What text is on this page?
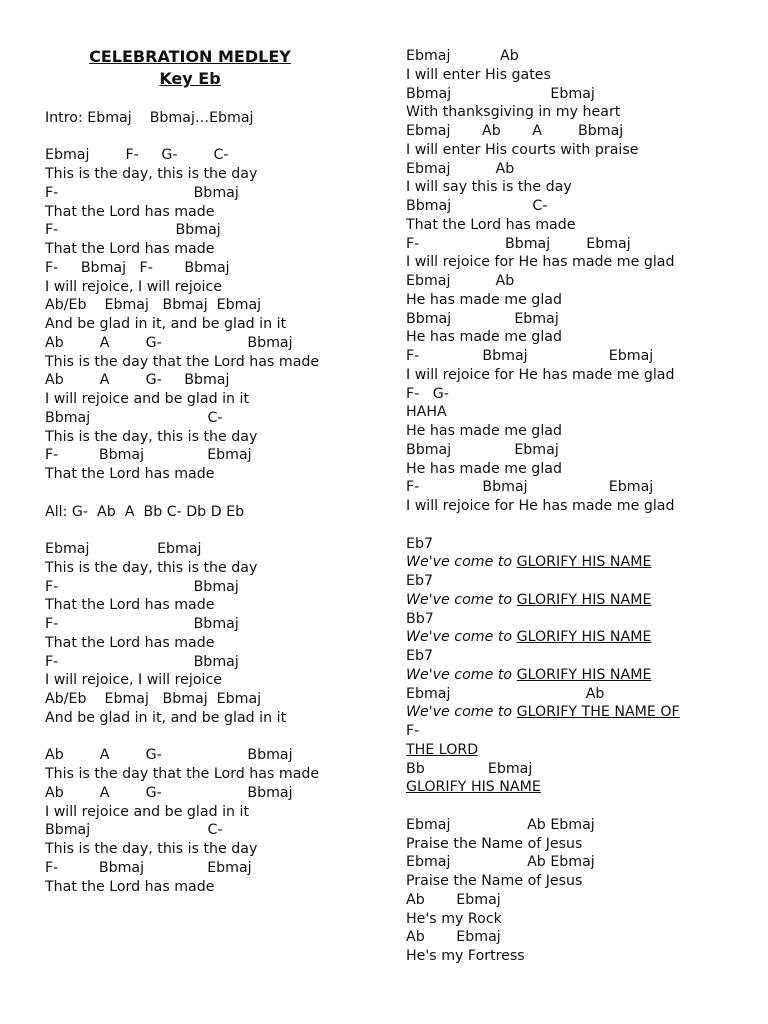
CELEBRATION MEDLEY
Key Eb
Intro: Ebmaj    Bbmaj…Ebmaj
Ebmaj        F-     G-        C-
This is the day, this is the day
F-                              Bbmaj
That the Lord has made
F-                          Bbmaj
That the Lord has made
F-     Bbmaj   F-       Bbmaj
I will rejoice, I will rejoice
Ab/Eb    Ebmaj   Bbmaj  Ebmaj
And be glad in it, and be glad in it
Ab        A        G-                   Bbmaj
This is the day that the Lord has made
Ab        A        G-     Bbmaj
I will rejoice and be glad in it
Bbmaj                          C-
This is the day, this is the day
F-         Bbmaj              Ebmaj
That the Lord has made
All: G-  Ab  A  Bb C- Db D Eb
Ebmaj               Ebmaj
This is the day, this is the day
F-                              Bbmaj
That the Lord has made
F-                              Bbmaj
That the Lord has made
F-                              Bbmaj
I will rejoice, I will rejoice
Ab/Eb    Ebmaj   Bbmaj  Ebmaj
And be glad in it, and be glad in it
Ab        A        G-                   Bbmaj
This is the day that the Lord has made
Ab        A        G-                   Bbmaj
I will rejoice and be glad in it
Bbmaj                          C-
This is the day, this is the day
F-         Bbmaj              Ebmaj
That the Lord has made
Ebmaj           Ab
I will enter His gates
Bbmaj                      Ebmaj
With thanksgiving in my heart
Ebmaj       Ab       A        Bbmaj
I will enter His courts with praise
Ebmaj          Ab
I will say this is the day
Bbmaj                  C-
That the Lord has made
F-                   Bbmaj        Ebmaj
I will rejoice for He has made me glad
Ebmaj          Ab
He has made me glad
Bbmaj              Ebmaj
He has made me glad
F-              Bbmaj                  Ebmaj
I will rejoice for He has made me glad
F-   G-
HAHA
He has made me glad
Bbmaj              Ebmaj
He has made me glad
F-              Bbmaj                  Ebmaj
I will rejoice for He has made me glad
Eb7
We've come to GLORIFY HIS NAME
Eb7
We've come to GLORIFY HIS NAME
Bb7
We've come to GLORIFY HIS NAME
Eb7
We've come to GLORIFY HIS NAME
Ebmaj                              Ab
We've come to GLORIFY THE NAME OF
F-
THE LORD
Bb              Ebmaj
GLORIFY HIS NAME
Ebmaj                 Ab Ebmaj
Praise the Name of Jesus
Ebmaj                 Ab Ebmaj
Praise the Name of Jesus
Ab       Ebmaj
He's my Rock
Ab       Ebmaj
He's my Fortress
